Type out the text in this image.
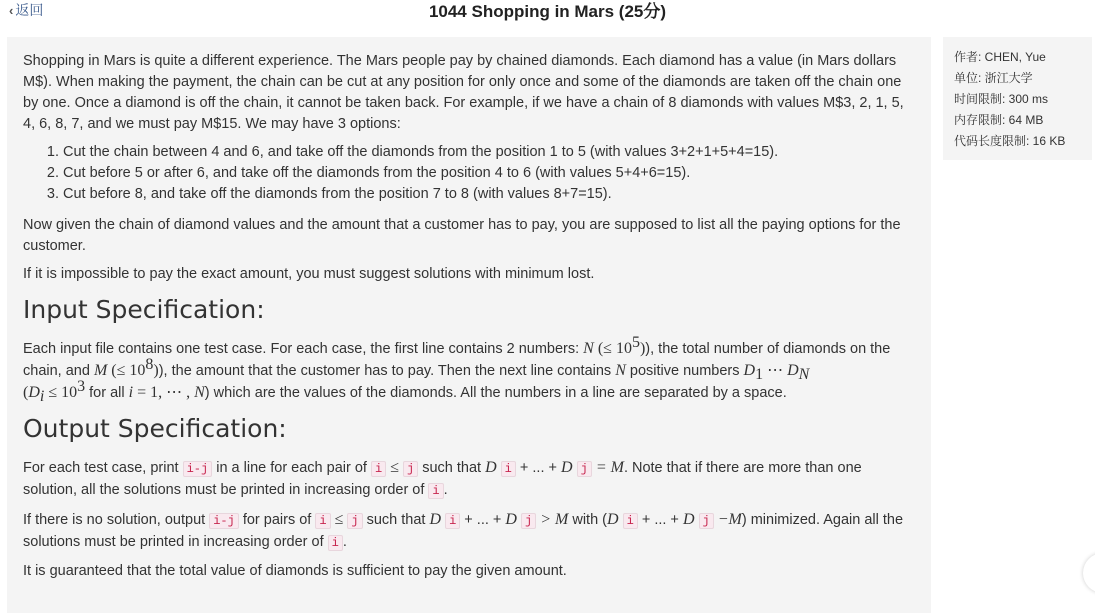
‹ 返回	1044 Shopping in Mars (25分)

Shopping in Mars is quite a different experience. The Mars people pay by chained diamonds. Each diamond has a value (in Mars dollars M$). When making the payment, the chain can be cut at any position for only once and some of the diamonds are taken off the chain one by one. Once a diamond is off the chain, it cannot be taken back. For example, if we have a chain of 8 diamonds with values M$3, 2, 1, 5, 4, 6, 8, 7, and we must pay M$15. We may have 3 options:

1. Cut the chain between 4 and 6, and take off the diamonds from the position 1 to 5 (with values 3+2+1+5+4=15).
2. Cut before 5 or after 6, and take off the diamonds from the position 4 to 6 (with values 5+4+6=15).
3. Cut before 8, and take off the diamonds from the position 7 to 8 (with values 8+7=15).

Now given the chain of diamond values and the amount that a customer has to pay, you are supposed to list all the paying options for the customer.

If it is impossible to pay the exact amount, you must suggest solutions with minimum lost.

Input Specification:

Each input file contains one test case. For each case, the first line contains 2 numbers: N (≤ $10^5$)), the total number of diamonds on the chain, and M (≤ $10^8$)), the amount that the customer has to pay. Then the next line contains N positive numbers $D_1$ ⋯ $D_N$
($D_i \le 10^3$ for all i = 1, ⋯ , N) which are the values of the diamonds. All the numbers in a line are separated by a space.

Output Specification:

For each test case, print i-j in a line for each pair of i ≤ j such that D i + ... + D j = M. Note that if there are more than one solution, all the solutions must be printed in increasing order of i .

If there is no solution, output i-j for pairs of i ≤ j such that D i + ... + D j > M with (D i + ... + D j −M) minimized. Again all the solutions must be printed in increasing order of i .

It is guaranteed that the total value of diamonds is sufficient to pay the given amount.

作者: CHEN, Yue
单位: 浙江大学
时间限制: 300 ms
内存限制: 64 MB
代码长度限制: 16 KB
